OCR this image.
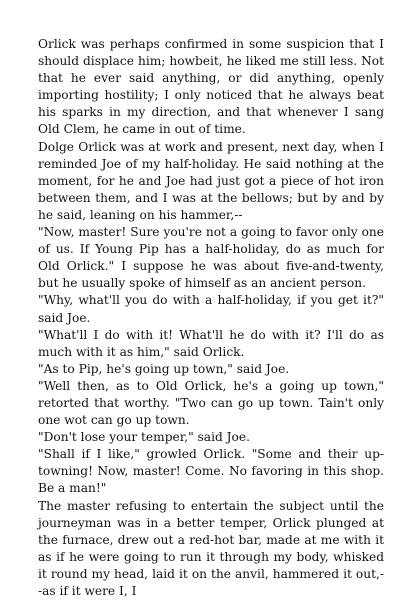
Orlick was perhaps confirmed in some suspicion that I should displace him; howbeit, he liked me still less. Not that he ever said anything, or did anything, openly importing hostility; I only noticed that he always beat his sparks in my direction, and that whenever I sang Old Clem, he came in out of time.

Dolge Orlick was at work and present, next day, when I reminded Joe of my half-holiday. He said nothing at the moment, for he and Joe had just got a piece of hot iron between them, and I was at the bellows; but by and by he said, leaning on his hammer,--

"Now, master! Sure you're not a going to favor only one of us. If Young Pip has a half-holiday, do as much for Old Orlick." I suppose he was about five-and-twenty, but he usually spoke of himself as an ancient person.

"Why, what'll you do with a half-holiday, if you get it?" said Joe.

"What'll I do with it! What'll he do with it? I'll do as much with it as him," said Orlick.

"As to Pip, he's going up town," said Joe.

"Well then, as to Old Orlick, he's a going up town," retorted that worthy. "Two can go up town. Tain't only one wot can go up town.

"Don't lose your temper," said Joe.

"Shall if I like," growled Orlick. "Some and their up-towning! Now, master! Come. No favoring in this shop. Be a man!"

The master refusing to entertain the subject until the journeyman was in a better temper, Orlick plunged at the furnace, drew out a red-hot bar, made at me with it as if he were going to run it through my body, whisked it round my head, laid it on the anvil, hammered it out,--as if it were I, I
